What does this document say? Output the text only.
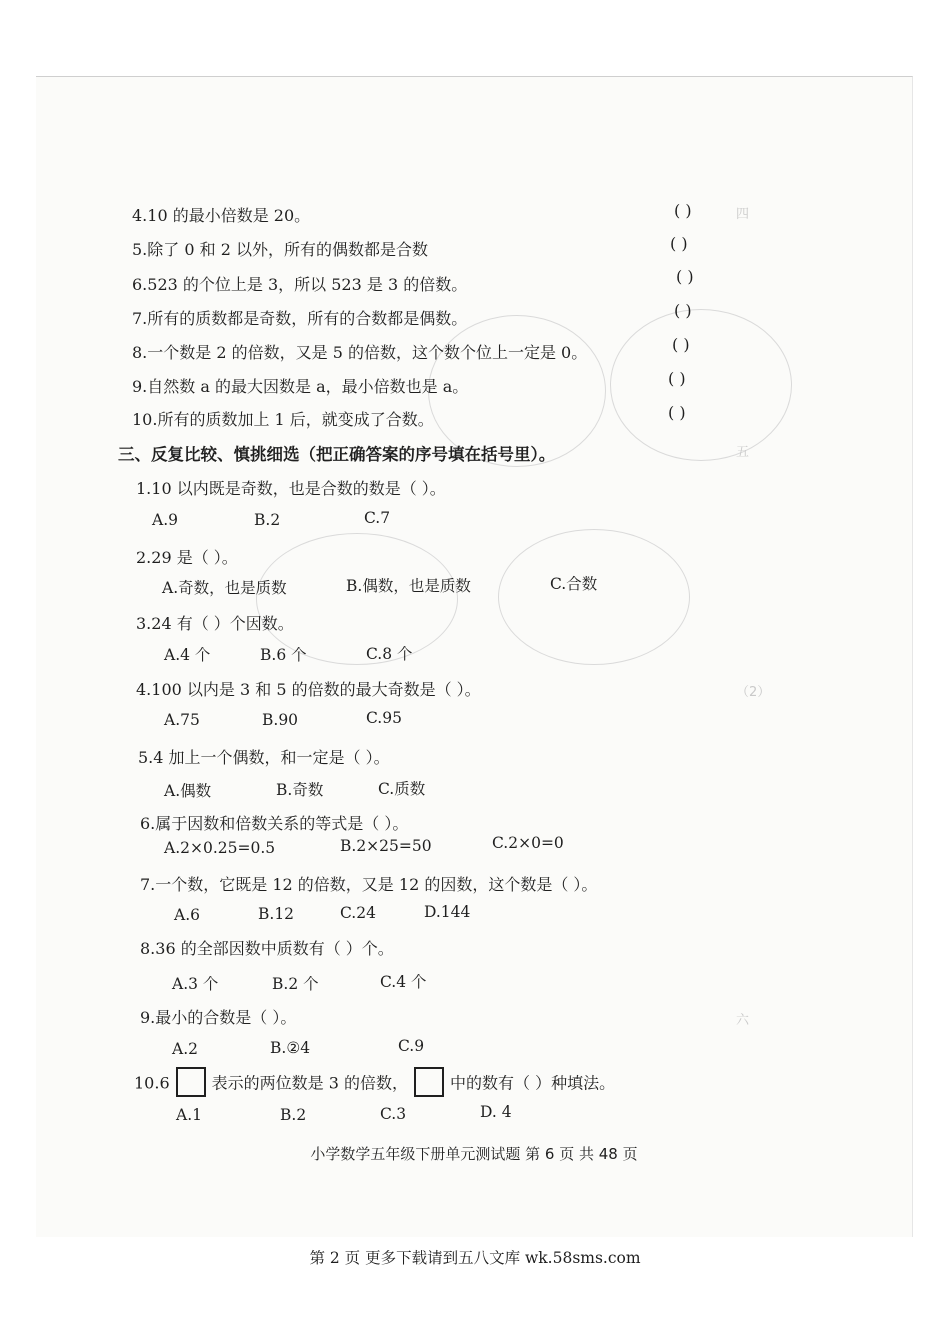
四
五
（2）
六
4.10 的最小倍数是 20。	( )
5.除了 0 和 2 以外，所有的偶数都是合数	( )
6.523 的个位上是 3，所以 523 是 3 的倍数。	( )
7.所有的质数都是奇数，所有的合数都是偶数。	( )
8.一个数是 2 的倍数，又是 5 的倍数，这个数个位上一定是 0。	( )
9.自然数 a 的最大因数是 a，最小倍数也是 a。	( )
10.所有的质数加上 1 后，就变成了合数。	( )
三、反复比较、慎挑细选（把正确答案的序号填在括号里）。
1.10 以内既是奇数，也是合数的数是（ ）。
A.9	B.2	C.7
2.29 是（ ）。
A.奇数，也是质数	B.偶数，也是质数	C.合数
3.24 有（ ）个因数。
A.4 个	B.6 个	C.8 个
4.100 以内是 3 和 5 的倍数的最大奇数是（ ）。
A.75	B.90	C.95
5.4 加上一个偶数，和一定是（ ）。
A.偶数	B.奇数	C.质数
6.属于因数和倍数关系的等式是（ ）。
A.2×0.25=0.5	B.2×25=50	C.2×0=0
7.一个数，它既是 12 的倍数，又是 12 的因数，这个数是（ ）。
A.6	B.12	C.24	D.144
8.36 的全部因数中质数有（ ）个。
A.3 个	B.2 个	C.4 个
9.最小的合数是（ ）。
A.2	B.②4	C.9
10.6	表示的两位数是 3 的倍数，	中的数有（ ）种填法。
A.1	B.2	C.3	D. 4
小学数学五年级下册单元测试题 第 6 页 共 48 页
第 2 页 更多下载请到五八文库 wk.58sms.com
